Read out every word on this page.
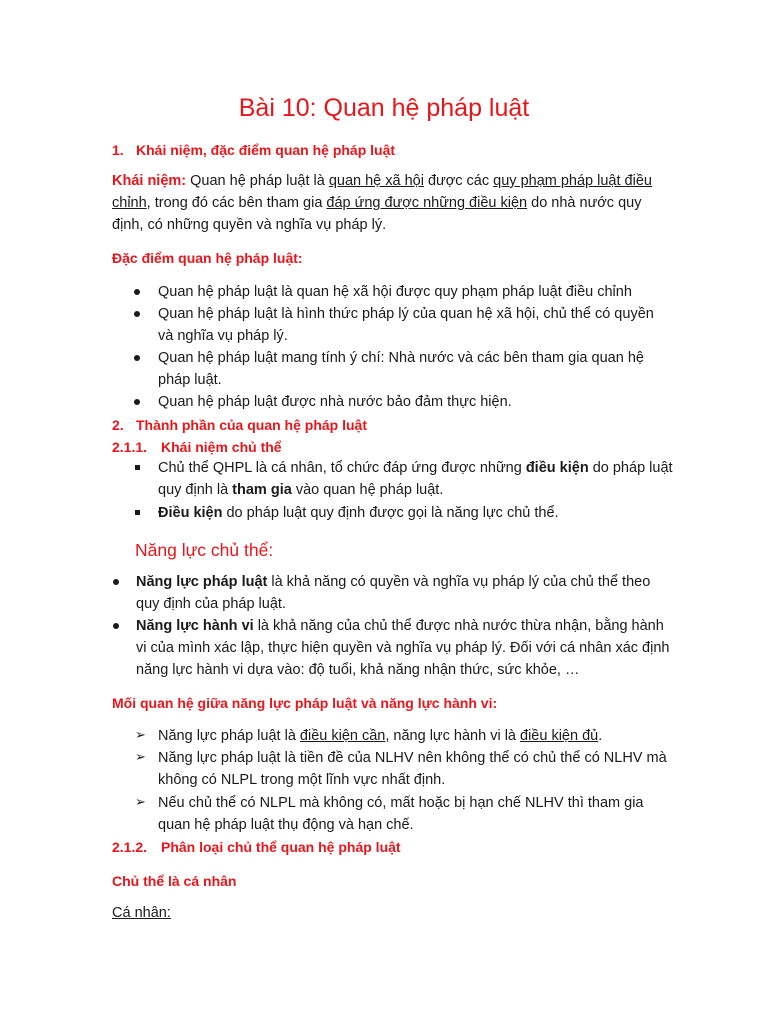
Bài 10: Quan hệ pháp luật
1. Khái niệm, đặc điểm quan hệ pháp luật
Khái niệm: Quan hệ pháp luật là quan hệ xã hội được các quy phạm pháp luật điều
chỉnh, trong đó các bên tham gia đáp ứng được những điều kiện do nhà nước quy
định, có những quyền và nghĩa vụ pháp lý.
Đặc điểm quan hệ pháp luật:
Quan hệ pháp luật là quan hệ xã hội được quy phạm pháp luật điều chỉnh
Quan hệ pháp luật là hình thức pháp lý của quan hệ xã hội, chủ thể có quyền
và nghĩa vụ pháp lý.
Quan hệ pháp luật mang tính ý chí: Nhà nước và các bên tham gia quan hệ
pháp luật.
Quan hệ pháp luật được nhà nước bảo đảm thực hiện.
2. Thành phần của quan hệ pháp luật
2.1.1. Khái niệm chủ thể
Chủ thể QHPL là cá nhân, tổ chức đáp ứng được những điều kiện do pháp luật
quy định là tham gia vào quan hệ pháp luật.
Điều kiện do pháp luật quy định được gọi là năng lực chủ thể.
Năng lực chủ thể:
Năng lực pháp luật là khả năng có quyền và nghĩa vụ pháp lý của chủ thể theo
quy định của pháp luật.
Năng lực hành vi là khả năng của chủ thể được nhà nước thừa nhận, bằng hành
vi của mình xác lập, thực hiện quyền và nghĩa vụ pháp lý. Đối với cá nhân xác định
năng lực hành vi dựa vào: độ tuổi, khả năng nhận thức, sức khỏe, …
Mối quan hệ giữa năng lực pháp luật và năng lực hành vi:
➢ Năng lực pháp luật là điều kiện cần, năng lực hành vi là điều kiện đủ.
➢ Năng lực pháp luật là tiền đề của NLHV nên không thể có chủ thể có NLHV mà
không có NLPL trong một lĩnh vực nhất định.
➢ Nếu chủ thể có NLPL mà không có, mất hoặc bị hạn chế NLHV thì tham gia
quan hệ pháp luật thụ động và hạn chế.
2.1.2. Phân loại chủ thể quan hệ pháp luật
Chủ thể là cá nhân
Cá nhân:
